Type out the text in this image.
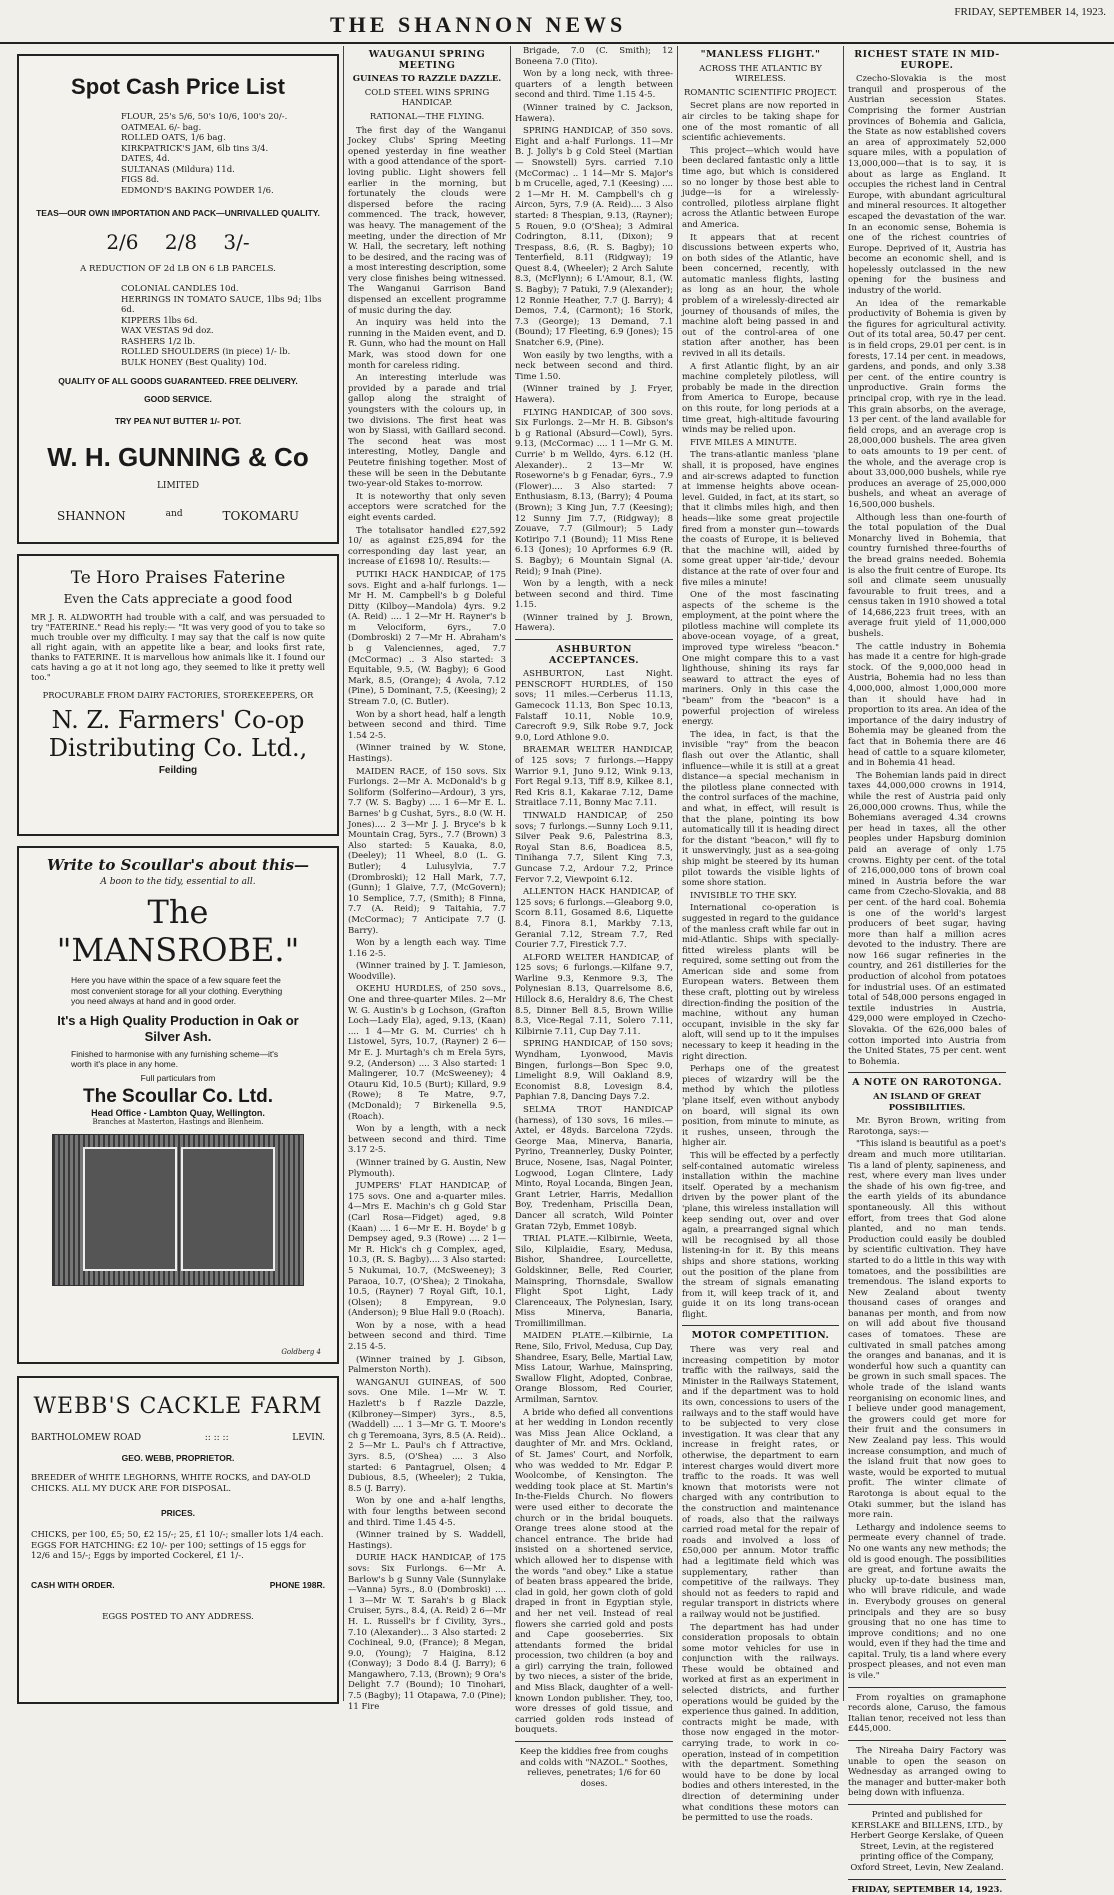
THE SHANNON NEWS	FRIDAY, SEPTEMBER 14, 1923.
Spot Cash Price List
FLOUR, 25's 5/6, 50's 10/6, 100's 20/-.
OATMEAL 6/- bag.
ROLLED OATS, 1/6 bag.
KIRKPATRICK'S JAM, 6lb tins 3/4.
DATES, 4d.
SULTANAS (Mildura) 11d.
FIGS 8d.
EDMOND'S BAKING POWDER 1/6.
TEAS—OUR OWN IMPORTATION AND PACK—UNRIVALLED QUALITY.
2/6 2/8 3/-
A REDUCTION OF 2d LB ON 6 LB PARCELS.
COLONIAL CANDLES 10d.
HERRINGS IN TOMATO SAUCE, 1lbs 9d; 1lbs 6d.
KIPPERS 1lbs 6d.
WAX VESTAS 9d doz.
RASHERS 1/2 lb.
ROLLED SHOULDERS (in piece) 1/- lb.
BULK HONEY (Best Quality) 10d.
QUALITY OF ALL GOODS GUARANTEED. FREE DELIVERY.
GOOD SERVICE.
TRY PEA NUT BUTTER 1/- POT.
W. H. GUNNING & Co
LIMITED
SHANNON	and	TOKOMARU
Te Horo Praises Faterine
Even the Cats appreciate a good food
MR J. R. ALDWORTH had trouble with a calf, and was persuaded to try "FATERINE." Read his reply:— "It was very good of you to take so much trouble over my difficulty. I may say that the calf is now quite all right again, with an appetite like a bear, and looks first rate, thanks to FATERINE. It is marvellous how animals like it. I found our cats having a go at it not long ago, they seemed to like it pretty well too."
PROCURABLE FROM DAIRY FACTORIES, STOREKEEPERS, OR
N. Z. Farmers' Co-op Distributing Co. Ltd.,
Feilding
Write to Scoullar's about this—
A boon to the tidy, essential to all.
The "MANSROBE."
Here you have within the space of a few square feet the most convenient storage for all your clothing. Everything you need always at hand and in good order.
It's a High Quality Production in Oak or Silver Ash.
Finished to harmonise with any furnishing scheme—it's worth it's place in any home.
Full particulars from
The Scoullar Co. Ltd.
Head Office - Lambton Quay, Wellington.
Branches at Masterton, Hastings and Blenheim.
Goldberg 4
WEBB'S CACKLE FARM
BARTHOLOMEW ROAD	:: :: ::	LEVIN.
GEO. WEBB, PROPRIETOR.
BREEDER of WHITE LEGHORNS, WHITE ROCKS, and DAY-OLD CHICKS. ALL MY DUCK ARE FOR DISPOSAL.
PRICES.
CHICKS, per 100, £5; 50, £2 15/-; 25, £1 10/-; smaller lots 1/4 each. EGGS FOR HATCHING: £2 10/- per 100; settings of 15 eggs for 12/6 and 15/-; Eggs by imported Cockerel, £1 1/-.
CASH WITH ORDER.	PHONE 198R.
EGGS POSTED TO ANY ADDRESS.
WAUGANUI SPRING MEETING
GUINEAS TO RAZZLE DAZZLE.
COLD STEEL WINS SPRING HANDICAP.
RATIONAL—THE FLYING.

The first day of the Wanganui Jockey Clubs' Spring Meeting opened yesterday in fine weather with a good attendance of the sport-loving public. Light showers fell earlier in the morning, but fortunately the clouds were dispersed before the racing commenced. The track, however, was heavy. The management of the meeting, under the direction of Mr W. Hall, the secretary, left nothing to be desired, and the racing was of a most interesting description, some very close finishes being witnessed. The Wanganui Garrison Band dispensed an excellent programme of music during the day.

An inquiry was held into the running in the Maiden event, and D. R. Gunn, who had the mount on Hall Mark, was stood down for one month for careless riding.

An interesting interlude was provided by a parade and trial gallop along the straight of youngsters with the colours up, in two divisions. The first heat was won by Siassi, with Gaillard second. The second heat was most interesting, Motley, Dangle and Peutetre finishing together. Most of these will be seen in the Debutante two-year-old Stakes to-morrow.

It is noteworthy that only seven acceptors were scratched for the eight events carded.

The totalisator handled £27,592 10/ as against £25,894 for the corresponding day last year, an increase of £1698 10/. Results:—

PUTIKI HACK HANDICAP, of 175 sovs. Eight and a-half furlongs. 1—Mr H. M. Campbell's b g Doleful Ditty (Kilboy—Mandola) 4yrs. 9.2 (A. Reid) .... 1 2—Mr H. Rayner's b m Velociform, 6yrs., 7.0 (Dombroski) 2 7—Mr H. Abraham's b g Valenciennes, aged, 7.7 (McCormac) .. 3 Also started: 3 Equitable, 9.5, (W. Bagby); 6 Good Mark, 8.5, (Orange); 4 Avola, 7.12 (Pine), 5 Dominant, 7.5, (Keesing); 2 Stream 7.0, (C. Butler).

Won by a short head, half a length between second and third. Time 1.54 2-5.

(Winner trained by W. Stone, Hastings).

MAIDEN RACE, of 150 sovs. Six Furlongs. 2—Mr A. McDonald's b g Soliform (Solferino—Ardour), 3 yrs, 7.7 (W. S. Bagby) .... 1 6—Mr E. L. Barnes' b g Cushat, 5yrs., 8.0 (W. H. Jones).... 2 3—Mr J. J. Bryce's b k Mountain Crag, 5yrs., 7.7 (Brown) 3 Also started: 5 Kauaka, 8.0, (Deeley); 11 Wheel, 8.0 (L. G. Butler); 4 Lulusylvia, 7.7 (Drombroski); 12 Hall Mark, 7.7, (Gunn); 1 Glaive, 7.7, (McGovern); 10 Semplice, 7.7, (Smith); 8 Finna, 7.7 (A. Reid); 9 Taitahia, 7.7 (McCormac); 7 Anticipate 7.7 (J. Barry).

Won by a length each way. Time 1.16 2-5.

(Winner trained by J. T. Jamieson, Woodville).

OKEHU HURDLES, of 250 sovs., One and three-quarter Miles. 2—Mr W. G. Austin's b g Lochson, (Grafton Loch—Lady Ela), aged, 9.13, (Kaan) .... 1 4—Mr G. M. Curries' ch h Listowel, 5yrs, 10.7, (Rayner) 2 6—Mr E. J. Murtagh's ch m Erela 5yrs, 9.2, (Anderson) .... 3 Also started: 1 Malingerer, 10.7 (McSweeney); 4 Otauru Kid, 10.5 (Burt); Killard, 9.9 (Rowe); 8 Te Matre, 9.7, (McDonald); 7 Birkenella 9.5, (Roach).

Won by a length, with a neck between second and third. Time 3.17 2-5.

(Winner trained by G. Austin, New Plymouth).

JUMPERS' FLAT HANDICAP, of 175 sovs. One and a-quarter miles. 4—Mrs E. Machin's ch g Gold Star (Carl Rosa—Fidget) aged, 9.8 (Kaan) .... 1 6—Mr E. H. Boyde' b g Dempsey aged, 9.3 (Rowe) .... 2 1—Mr R. Hick's ch g Complex, aged, 10.3, (R. S. Bagby).... 3 Also started: 5 Nukumai, 10.7, (McSweeney); 3 Paraoa, 10.7, (O'Shea); 2 Tinokaha, 10.5, (Rayner) 7 Royal Gift, 10.1, (Olsen); 8 Empyrean, 9.0 (Anderson); 9 Blue Hall 9.0 (Roach).

Won by a nose, with a head between second and third. Time 2.15 4-5.

(Winner trained by J. Gibson, Palmerston North).

WANGANUI GUINEAS, of 500 sovs. One Mile. 1—Mr W. T. Hazlett's b f Razzle Dazzle, (Kilbroney—Simper) 3yrs., 8.5, (Waddell) .... 1 3—Mr G. T. Moore's ch g Teremoana, 3yrs, 8.5 (A. Reid).. 2 5—Mr L. Paul's ch f Attractive, 3yrs. 8.5, (O'Shea) .... 3 Also started: 6 Pantagruel, Olsen; 4 Dubious, 8.5, (Wheeler); 2 Tukia, 8.5 (J. Barry).

Won by one and a-half lengths, with four lengths between second and third. Time 1.45 4-5.

(Winner trained by S. Waddell, Hastings).

DURIE HACK HANDICAP, of 175 sovs: Six Furlongs. 6—Mr A. Barlow's b g Sunny Vale (Sunnylake—Vanna) 5yrs., 8.0 (Dombroski) .... 1 3—Mr W. T. Sarah's b g Black Cruiser, 5yrs., 8.4, (A. Reid) 2 6—Mr H. L. Russell's br f Civility, 3yrs., 7.10 (Alexander)... 3 Also started: 2 Cochineal, 9.0, (France); 8 Megan, 9.0, (Young); 7 Haigina, 8.12 (Conway); 3 Dodo 8.4 (J. Barry); 6 Mangawhero, 7.13, (Brown); 9 Ora's Delight 7.7 (Bound); 10 Tinohari, 7.5 (Bagby); 11 Otapawa, 7.0 (Pine); 11 Fire

Brigade, 7.0 (C. Smith); 12 Boneena 7.0 (Tito).

Won by a long neck, with three-quarters of a length between second and third. Time 1.15 4-5.

(Winner trained by C. Jackson, Hawera).

SPRING HANDICAP, of 350 sovs. Eight and a-half Furlongs. 11—Mr B. J. Jolly's b g Cold Steel (Martian — Snowstell) 5yrs. carried 7.10 (McCormac) .. 1 14—Mr S. Major's b m Crucelle, aged, 7.1 (Keesing) .... 2 1—Mr H. M. Campbell's ch g Aircon, 5yrs, 7.9 (A. Reid).... 3 Also started: 8 Thespian, 9.13, (Rayner); 5 Rouen, 9.0 (O'Shea); 3 Admiral Codrington, 8.11, (Dixon); 9 Trespass, 8.6, (R. S. Bagby); 10 Tenterfield, 8.11 (Ridgway); 19 Quest 8.4, (Wheeler); 2 Arch Salute 8.3, (McFlynn); 6 L'Amour, 8.1, (W. S. Bagby); 7 Patuki, 7.9 (Alexander); 12 Ronnie Heather, 7.7 (J. Barry); 4 Demos, 7.4, (Carmont); 16 Stork, 7.3 (George); 13 Demand, 7.1 (Bound); 17 Fleeting, 6.9 (Jones); 15 Snatcher 6.9, (Pine).

Won easily by two lengths, with a neck between second and third. Time 1.50.

(Winner trained by J. Fryer, Hawera).

FLYING HANDICAP, of 300 sovs. Six Furlongs. 2—Mr H. B. Gibson's b g Rational (Absurd—Cowl), 5yrs. 9.13, (McCormac) .... 1 1—Mr G. M. Currie' b m Welldo, 4yrs. 6.12 (H. Alexander).. 2 13—Mr W. Roseworne's b g Fenadar, 6yrs., 7.9 (Flower).... 3 Also started: 7 Enthusiasm, 8.13, (Barry); 4 Pouma (Brown); 3 King Jun, 7.7 (Keesing); 12 Sunny Jim 7.7, (Ridgway); 8 Zouave, 7.7 (Gilmour); 5 Lady Kotiripo 7.1 (Bound); 11 Miss Rene 6.13 (Jones); 10 Aprformes 6.9 (R. S. Bagby); 6 Mountain Signal (A. Reid); 9 Inah (Pine).

Won by a length, with a neck between second and third. Time 1.15.

(Winner trained by J. Brown, Hawera).

ASHBURTON ACCEPTANCES.

ASHBURTON, Last Night. PENSCROFT HURDLES, of 150 sovs; 11 miles.—Cerberus 11.13, Gamecock 11.13, Bon Spec 10.13, Falstaff 10.11, Noble 10.9, Carecroft 9.9, Silk Robe 9.7, Jock 9.0, Lord Athlone 9.0.

BRAEMAR WELTER HANDICAP, of 125 sovs; 7 furlongs.—Happy Warrior 9.1, Juno 9.12, Wink 9.13, Fort Regal 9.13, Tiff 8.9, Kilkee 8.1, Red Kris 8.1, Kakarae 7.12, Dame Straitlace 7.11, Bonny Mac 7.11.

TINWALD HANDICAP, of 250 sovs; 7 furlongs.—Sunny Loch 9.11, Silver Peak 9.6, Palestrina 8.3, Royal Stan 8.6, Boadicea 8.5, Tinihanga 7.7, Silent King 7.3, Guncase 7.2, Ardour 7.2, Prince Fervor 7.2, Viewpoint 6.12.

ALLENTON HACK HANDICAP, of 125 sovs; 6 furlongs.—Gleaborg 9.0, Scorn 8.11, Gosamed 8.6, Liquette 8.4, Finora 8.1, Markby 7.13, Geranial 7.12, Stream 7.7, Red Courier 7.7, Firestick 7.7.

ALFORD WELTER HANDICAP, of 125 sovs; 6 furlongs.—Kilfane 9.7, Warline 9.3, Kenmore 9.3, The Polynesian 8.13, Quarrelsome 8.6, Hillock 8.6, Heraldry 8.6, The Chest 8.5, Dinner Bell 8.5, Brown Willie 8.3, Vice-Regal 7.11, Solero 7.11, Kilbirnie 7.11, Cup Day 7.11.

SPRING HANDICAP, of 150 sovs; Wyndham, Lyonwood, Mavis Bingen, furlongs—Bon Spec 9.0, Limelight 8.9, Will Oakland 8.9, Economist 8.8, Lovesign 8.4, Paphian 7.8, Dancing Days 7.2.

SELMA TROT HANDICAP (harness), of 130 sovs, 16 miles.—Axtel, er 48yds. Barcelona 72yds. George Maa, Minerva, Banaria, Pyrino, Treannerley, Dusky Pointer, Bruce, Nosene, Isas, Nagal Pointer, Logwood, Logan Clintere, Lady Minto, Royal Locanda, Bingen Jean, Grant Letrier, Harris, Medallion Boy, Tredenham, Priscilla Dean, Dancer all scratch, Wild Pointer Gratan 72yb, Emmet 108yb.

TRIAL PLATE.—Kilbirnie, Weeta, Silo, Kilplaidie, Esary, Medusa, Bishor, Shandree, Lourcellette, Goldskinner, Belle, Red Courier, Mainspring, Thornsdale, Swallow Flight Spot Light, Lady Clarenceaux, The Polynesian, Isary, Miss Minerva, Banaria, Tromillimillman.

MAIDEN PLATE.—Kilbirnie, La Rene, Silo, Frivol, Medusa, Cup Day, Shandree, Esary, Belle, Martial Law, Miss Latour, Warhue, Mainspring, Swallow Flight, Adopted, Conbrae, Orange Blossom, Red Courier, Armilman, Sarntov.

A bride who defied all conventions at her wedding in London recently was Miss Jean Alice Ockland, a daughter of Mr. and Mrs. Ockland, of St. James' Court, and Norfolk, who was wedded to Mr. Edgar P. Woolcombe, of Kensington. The wedding took place at St. Martin's In-the-Fields Church. No flowers were used either to decorate the church or in the bridal bouquets. Orange trees alone stood at the chancel entrance. The bride had insisted on a shortened service, which allowed her to dispense with the words "and obey." Like a statue of beaten brass appeared the bride, clad in gold, her gown cloth of gold draped in front in Egyptian style, and her net veil. Instead of real flowers she carried gold and posts and Cape gooseberries. Six attendants formed the bridal procession, two children (a boy and a girl) carrying the train, followed by two nieces, a sister of the bride, and Miss Black, daughter of a well-known London publisher. They, too, wore dresses of gold tissue, and carried golden rods instead of bouquets.

Keep the kiddies free from coughs and colds with "NAZOL." Soothes, relieves, penetrates; 1/6 for 60 doses.

"MANLESS FLIGHT."
ACROSS THE ATLANTIC BY WIRELESS.
ROMANTIC SCIENTIFIC PROJECT.

Secret plans are now reported in air circles to be taking shape for one of the most romantic of all scientific achievements.

This project—which would have been declared fantastic only a little time ago, but which is considered so no longer by those best able to judge—is for a wirelessly-controlled, pilotless airplane flight across the Atlantic between Europe and America.

It appears that at recent discussions between experts who, on both sides of the Atlantic, have been concerned, recently, with automatic manless flights, lasting as long as an hour, the whole problem of a wirelessly-directed air journey of thousands of miles, the machine aloft being passed in and out of the control-area of one station after another, has been revived in all its details.

A first Atlantic flight, by an air machine completely pilotless, will probably be made in the direction from America to Europe, because on this route, for long periods at a time great, high-altitude favouring winds may be relied upon.

FIVE MILES A MINUTE.

The trans-atlantic manless 'plane shall, it is proposed, have engines and air-screws adapted to function at immense heights above ocean-level. Guided, in fact, at its start, so that it climbs miles high, and then heads—like some great projectile fired from a monster gun—towards the coasts of Europe, it is believed that the machine will, aided by some great upper 'air-tide,' devour distance at the rate of over four and five miles a minute!

One of the most fascinating aspects of the scheme is the employment, at the point where the pilotless machine will complete its above-ocean voyage, of a great, improved type wireless "beacon." One might compare this to a vast lighthouse, shining its rays far seaward to attract the eyes of mariners. Only in this case the "beam" from the "beacon" is a powerful projection of wireless energy.

The idea, in fact, is that the invisible "ray" from the beacon flash out over the Atlantic, shall influence—while it is still at a great distance—a special mechanism in the pilotless plane connected with the control surfaces of the machine, and what, in effect, will result is that the plane, pointing its bow automatically till it is heading direct for the distant "beacon," will fly to it unswervingly, just as a sea-going ship might be steered by its human pilot towards the visible lights of some shore station.

INVISIBLE TO THE SKY.

International co-operation is suggested in regard to the guidance of the manless craft while far out in mid-Atlantic. Ships with specially-fitted wireless plants will be required, some setting out from the American side and some from European waters. Between them these craft, plotting out by wireless direction-finding the position of the machine, without any human occupant, invisible in the sky far aloft, will send up to it the impulses necessary to keep it heading in the right direction.

Perhaps one of the greatest pieces of wizardry will be the method by which the pilotless 'plane itself, even without anybody on board, will signal its own position, from minute to minute, as it rushes, unseen, through the higher air.

This will be effected by a perfectly self-contained automatic wireless installation within the machine itself. Operated by a mechanism driven by the power plant of the 'plane, this wireless installation will keep sending out, over and over again, a prearranged signal which will be recognised by all those listening-in for it. By this means ships and shore stations, working out the position of the plane from the stream of signals emanating from it, will keep track of it, and guide it on its long trans-ocean flight.

MOTOR COMPETITION.

There was very real and increasing competition by motor traffic with the railways, said the Minister in the Railways Statement, and if the department was to hold its own, concessions to users of the railways and to the staff would have to be subjected to very close investigation. It was clear that any increase in freight rates, or otherwise, the department to earn interest charges would divert more traffic to the roads. It was well known that motorists were not charged with any contribution to the construction and maintenance of roads, also that the railways carried road metal for the repair of roads and involved a loss of £50,000 per annum. Motor traffic had a legitimate field which was supplementary, rather than competitive of the railways. They should not as feeders to rapid and regular transport in districts where a railway would not be justified.

The department has had under consideration proposals to obtain some motor vehicles for use in conjunction with the railways. These would be obtained and worked at first as an experiment in selected districts, and further operations would be guided by the experience thus gained. In addition, contracts might be made, with those now engaged in the motor-carrying trade, to work in co-operation, instead of in competition with the department. Something would have to be done by local bodies and others interested, in the direction of determining under what conditions these motors can be permitted to use the roads.

RICHEST STATE IN MID-EUROPE.

Czecho-Slovakia is the most tranquil and prosperous of the Austrian secession States. Comprising the former Austrian provinces of Bohemia and Galicia, the State as now established covers an area of approximately 52,000 square miles, with a population of 13,000,000—that is to say, it is about as large as England. It occupies the richest land in Central Europe, with abundant agricultural and mineral resources. It altogether escaped the devastation of the war. In an economic sense, Bohemia is one of the richest countries of Europe. Deprived of it, Austria has become an economic shell, and is hopelessly outclassed in the new opening for the business and industry of the world.

An idea of the remarkable productivity of Bohemia is given by the figures for agricultural activity. Out of its total area, 50.47 per cent. is in field crops, 29.01 per cent. is in forests, 17.14 per cent. in meadows, gardens, and ponds, and only 3.38 per cent. of the entire country is unproductive. Grain forms the principal crop, with rye in the lead. This grain absorbs, on the average, 13 per cent. of the land available for field crops, and an average crop is 28,000,000 bushels. The area given to oats amounts to 19 per cent. of the whole, and the average crop is about 33,000,000 bushels, while rye produces an average of 25,000,000 bushels, and wheat an average of 16,500,000 bushels.

Although less than one-fourth of the total population of the Dual Monarchy lived in Bohemia, that country furnished three-fourths of the bread grains needed. Bohemia is also the fruit centre of Europe. Its soil and climate seem unusually favourable to fruit trees, and a census taken in 1910 showed a total of 14,686,223 fruit trees, with an average fruit yield of 11,000,000 bushels.

The cattle industry in Bohemia has made it a centre for high-grade stock. Of the 9,000,000 head in Austria, Bohemia had no less than 4,000,000, almost 1,000,000 more than it should have had in proportion to its area. An idea of the importance of the dairy industry of Bohemia may be gleaned from the fact that in Bohemia there are 46 head of cattle to a square kilometer, and in Bohemia 41 head.

The Bohemian lands paid in direct taxes 44,000,000 crowns in 1914, while the rest of Austria paid only 26,000,000 crowns. Thus, while the Bohemians averaged 4.34 crowns per head in taxes, all the other peoples under Hapsburg dominion paid an average of only 1.75 crowns. Eighty per cent. of the total of 216,000,000 tons of brown coal mined in Austria before the war came from Czecho-Slovakia, and 88 per cent. of the hard coal. Bohemia is one of the world's largest producers of beet sugar, having more than half a million acres devoted to the industry. There are now 166 sugar refineries in the country, and 261 distilleries for the production of alcohol from potatoes for industrial uses. Of an estimated total of 548,000 persons engaged in textile industries in Austria, 429,000 were employed in Czecho-Slovakia. Of the 626,000 bales of cotton imported into Austria from the United States, 75 per cent. went to Bohemia.

A NOTE ON RAROTONGA.
AN ISLAND OF GREAT POSSIBILITIES.

Mr. Byron Brown, writing from Rarotonga, says:—

"This island is beautiful as a poet's dream and much more utilitarian. Tis a land of plenty, sapineness, and rest, where every man lives under the shade of his own fig-tree, and the earth yields of its abundance spontaneously. All this without effort, from trees that God alone planted, and no man tends. Production could easily be doubled by scientific cultivation. They have started to do a little in this way with tomatoes, and the possibilities are tremendous. The island exports to New Zealand about twenty thousand cases of oranges and bananas per month, and from now on will add about five thousand cases of tomatoes. These are cultivated in small patches among the oranges and bananas, and it is wonderful how such a quantity can be grown in such small spaces. The whole trade of the island wants reorganising on economic lines, and I believe under good management, the growers could get more for their fruit and the consumers in New Zealand pay less. This would increase consumption, and much of the island fruit that now goes to waste, would be exported to mutual profit. The winter climate of Rarotonga is about equal to the Otaki summer, but the island has more rain.

Lethargy and indolence seems to permeate every channel of trade. No one wants any new methods; the old is good enough. The possibilities are great, and fortune awaits the plucky up-to-date business man, who will brave ridicule, and wade in. Everybody grouses on general principals and they are so busy grousing that no one has time to improve conditions; and no one would, even if they had the time and capital. Truly, tis a land where every prospect pleases, and not even man is vile."

From royalties on gramaphone records alone, Caruso, the famous Italian tenor, received not less than £445,000.

The Nireaha Dairy Factory was unable to open the season on Wednesday as arranged owing to the manager and butter-maker both being down with influenza.

Printed and published for KERSLAKE and BILLENS, LTD., by Herbert George Kerslake, of Queen Street, Levin, at the registered printing office of the Company, Oxford Street, Levin, New Zealand.

FRIDAY, SEPTEMBER 14, 1923.
